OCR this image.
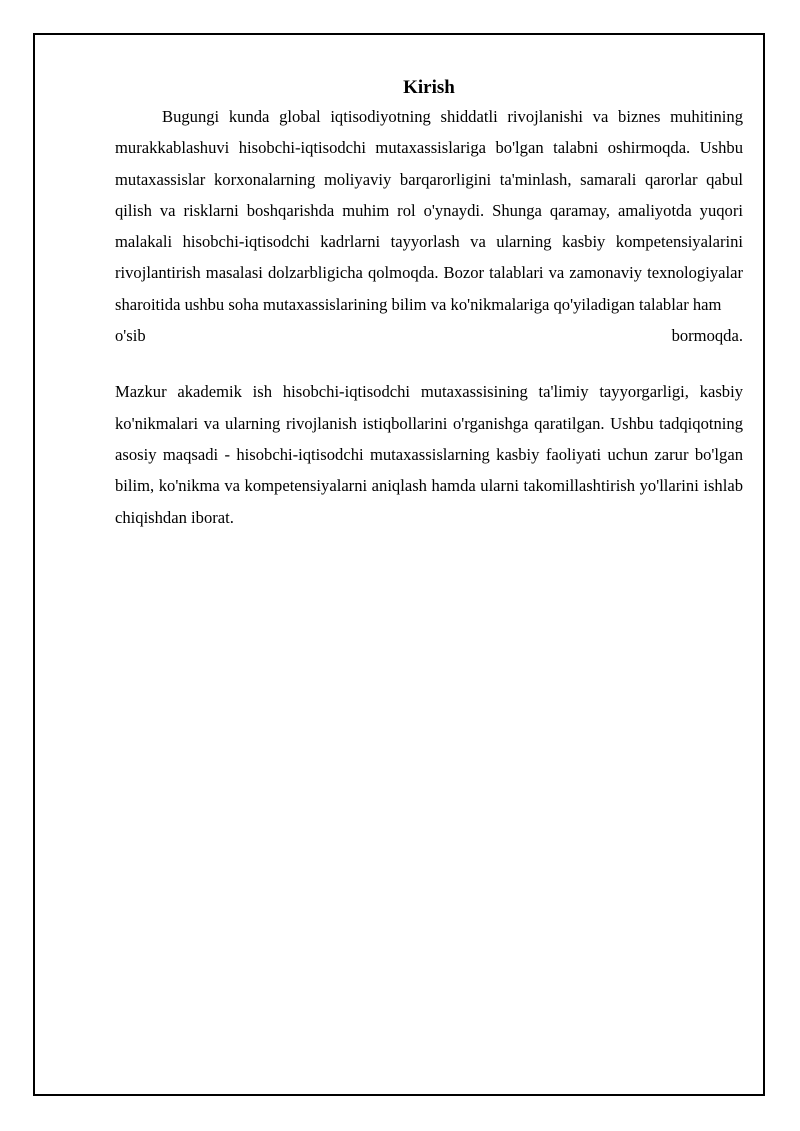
Kirish

Bugungi kunda global iqtisodiyotning shiddatli rivojlanishi va biznes muhitining murakkablashuvi hisobchi-iqtisodchi mutaxassislariga bo'lgan talabni oshirmoqda. Ushbu mutaxassislar korxonalarning moliyaviy barqarorligini ta'minlash, samarali qarorlar qabul qilish va risklarni boshqarishda muhim rol o'ynaydi. Shunga qaramay, amaliyotda yuqori malakali hisobchi-iqtisodchi kadrlarni tayyorlash va ularning kasbiy kompetensiyalarini rivojlantirish masalasi dolzarbligicha qolmoqda. Bozor talablari va zamonaviy texnologiyalar sharoitida ushbu soha mutaxassislarining bilim va ko'nikmalariga qo'yiladigan talablar ham

o'sib	bormoqda.

Mazkur akademik ish hisobchi-iqtisodchi mutaxassisining ta'limiy tayyorgarligi, kasbiy ko'nikmalari va ularning rivojlanish istiqbollarini o'rganishga qaratilgan. Ushbu tadqiqotning asosiy maqsadi - hisobchi-iqtisodchi mutaxassislarning kasbiy faoliyati uchun zarur bo'lgan bilim, ko'nikma va kompetensiyalarni aniqlash hamda ularni takomillashtirish yo'llarini ishlab chiqishdan iborat.
